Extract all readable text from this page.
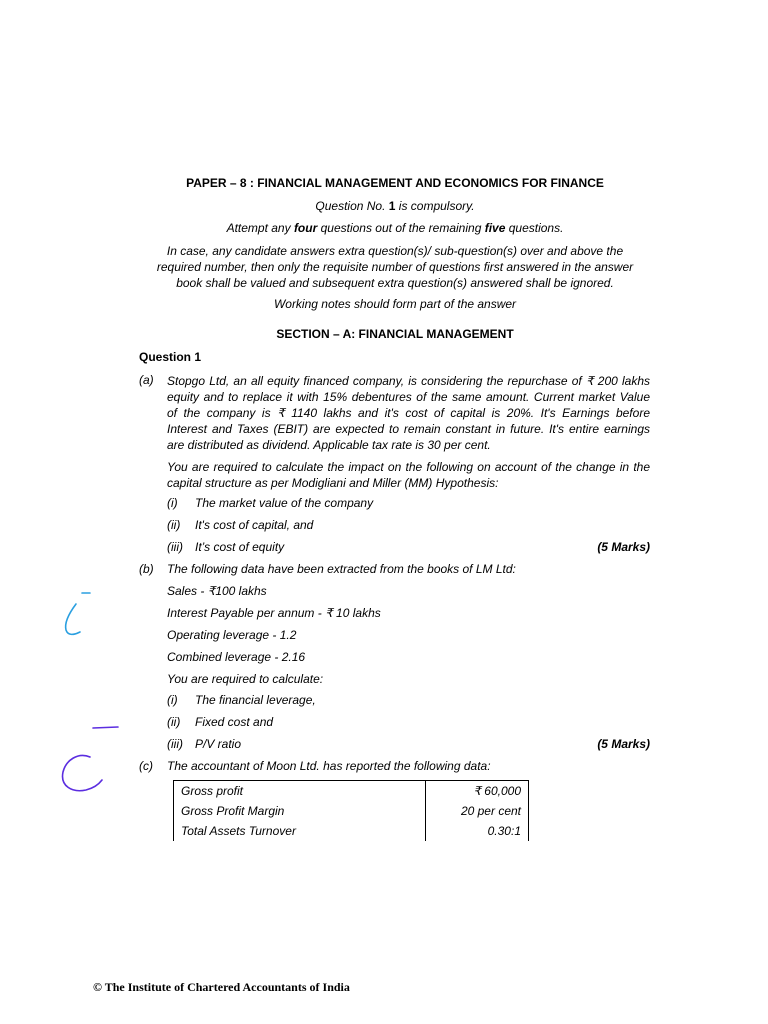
PAPER – 8 : FINANCIAL MANAGEMENT AND ECONOMICS FOR FINANCE
Question No. 1 is compulsory.
Attempt any four questions out of the remaining five questions.
In case, any candidate answers extra question(s)/ sub-question(s) over and above the
required number, then only the requisite number of questions first answered in the answer
book shall be valued and subsequent extra question(s) answered shall be ignored.
Working notes should form part of the answer
SECTION – A: FINANCIAL MANAGEMENT
Question 1
(a) Stopgo Ltd, an all equity financed company, is considering the repurchase of ₹ 200 lakhs
equity and to replace it with 15% debentures of the same amount. Current market Value
of the company is ₹ 1140 lakhs and it's cost of capital is 20%. It's Earnings before
Interest and Taxes (EBIT) are expected to remain constant in future. It's entire earnings
are distributed as dividend. Applicable tax rate is 30 per cent.
You are required to calculate the impact on the following on account of the change in the
capital structure as per Modigliani and Miller (MM) Hypothesis:
(i) The market value of the company
(ii) It's cost of capital, and
(iii) It’s cost of equity	(5 Marks)
(b) The following data have been extracted from the books of LM Ltd:
Sales - ₹100 lakhs
Interest Payable per annum - ₹ 10 lakhs
Operating leverage - 1.2
Combined leverage - 2.16
You are required to calculate:
(i) The financial leverage,
(ii) Fixed cost and
(iii) P/V ratio	(5 Marks)
(c) The accountant of Moon Ltd. has reported the following data:
Gross profit	₹ 60,000
Gross Profit Margin	20 per cent
Total Assets Turnover	0.30:1
© The Institute of Chartered Accountants of India
